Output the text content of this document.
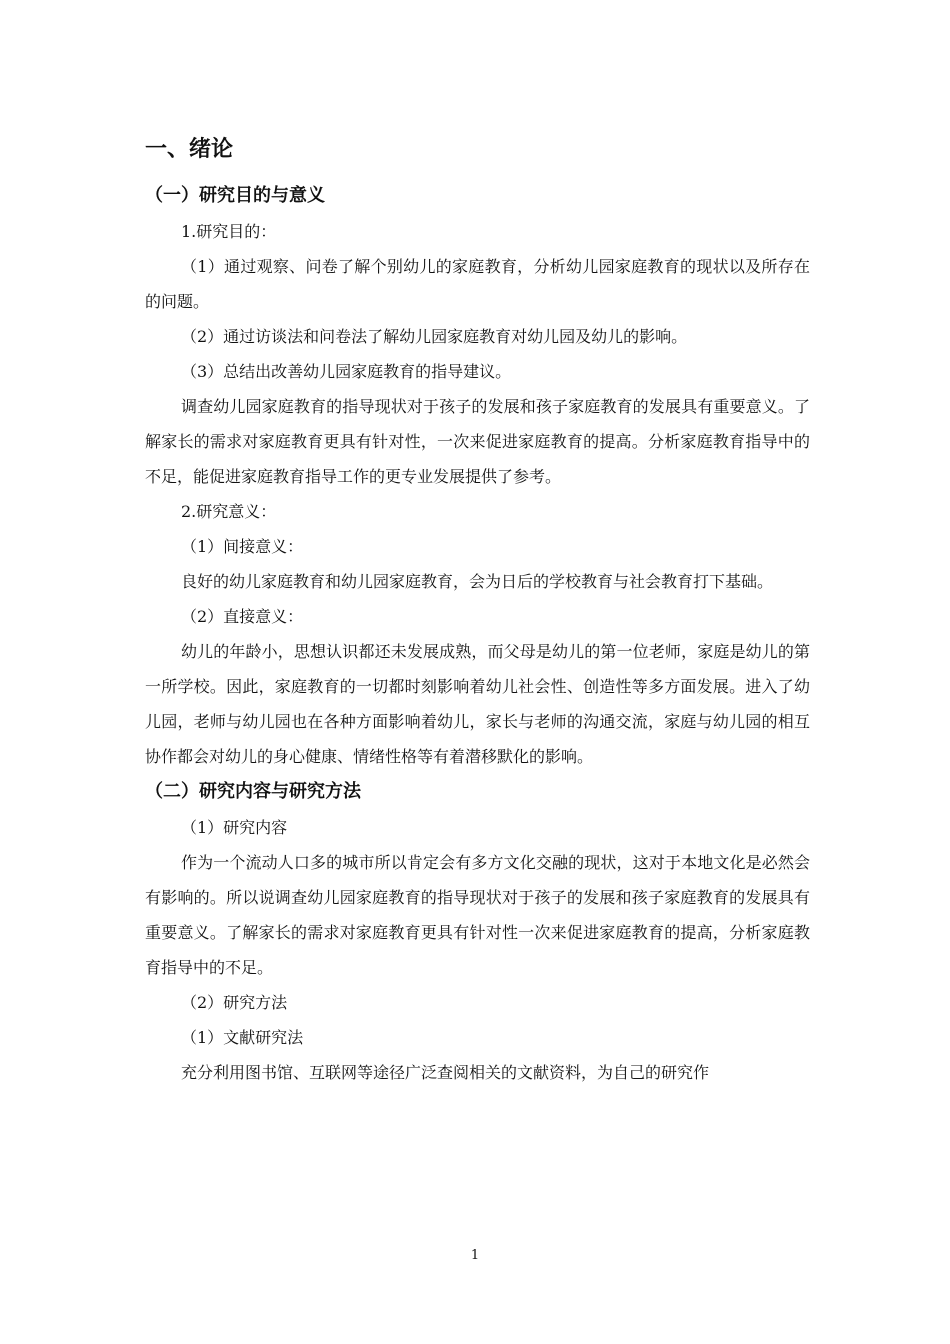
一、绪论
（一）研究目的与意义

1.研究目的：

（1）通过观察、问卷了解个别幼儿的家庭教育，分析幼儿园家庭教育的现状以及所存在的问题。

（2）通过访谈法和问卷法了解幼儿园家庭教育对幼儿园及幼儿的影响。

（3）总结出改善幼儿园家庭教育的指导建议。

调查幼儿园家庭教育的指导现状对于孩子的发展和孩子家庭教育的发展具有重要意义。了解家长的需求对家庭教育更具有针对性，一次来促进家庭教育的提高。分析家庭教育指导中的不足，能促进家庭教育指导工作的更专业发展提供了参考。

2.研究意义：

（1）间接意义：

良好的幼儿家庭教育和幼儿园家庭教育，会为日后的学校教育与社会教育打下基础。

（2）直接意义：

幼儿的年龄小，思想认识都还未发展成熟，而父母是幼儿的第一位老师，家庭是幼儿的第一所学校。因此，家庭教育的一切都时刻影响着幼儿社会性、创造性等多方面发展。进入了幼儿园，老师与幼儿园也在各种方面影响着幼儿，家长与老师的沟通交流，家庭与幼儿园的相互协作都会对幼儿的身心健康、情绪性格等有着潜移默化的影响。

（二）研究内容与研究方法

（1）研究内容

作为一个流动人口多的城市所以肯定会有多方文化交融的现状，这对于本地文化是必然会有影响的。所以说调查幼儿园家庭教育的指导现状对于孩子的发展和孩子家庭教育的发展具有重要意义。了解家长的需求对家庭教育更具有针对性一次来促进家庭教育的提高，分析家庭教育指导中的不足。

（2）研究方法

（1）文献研究法

充分利用图书馆、互联网等途径广泛查阅相关的文献资料，为自己的研究作

1
